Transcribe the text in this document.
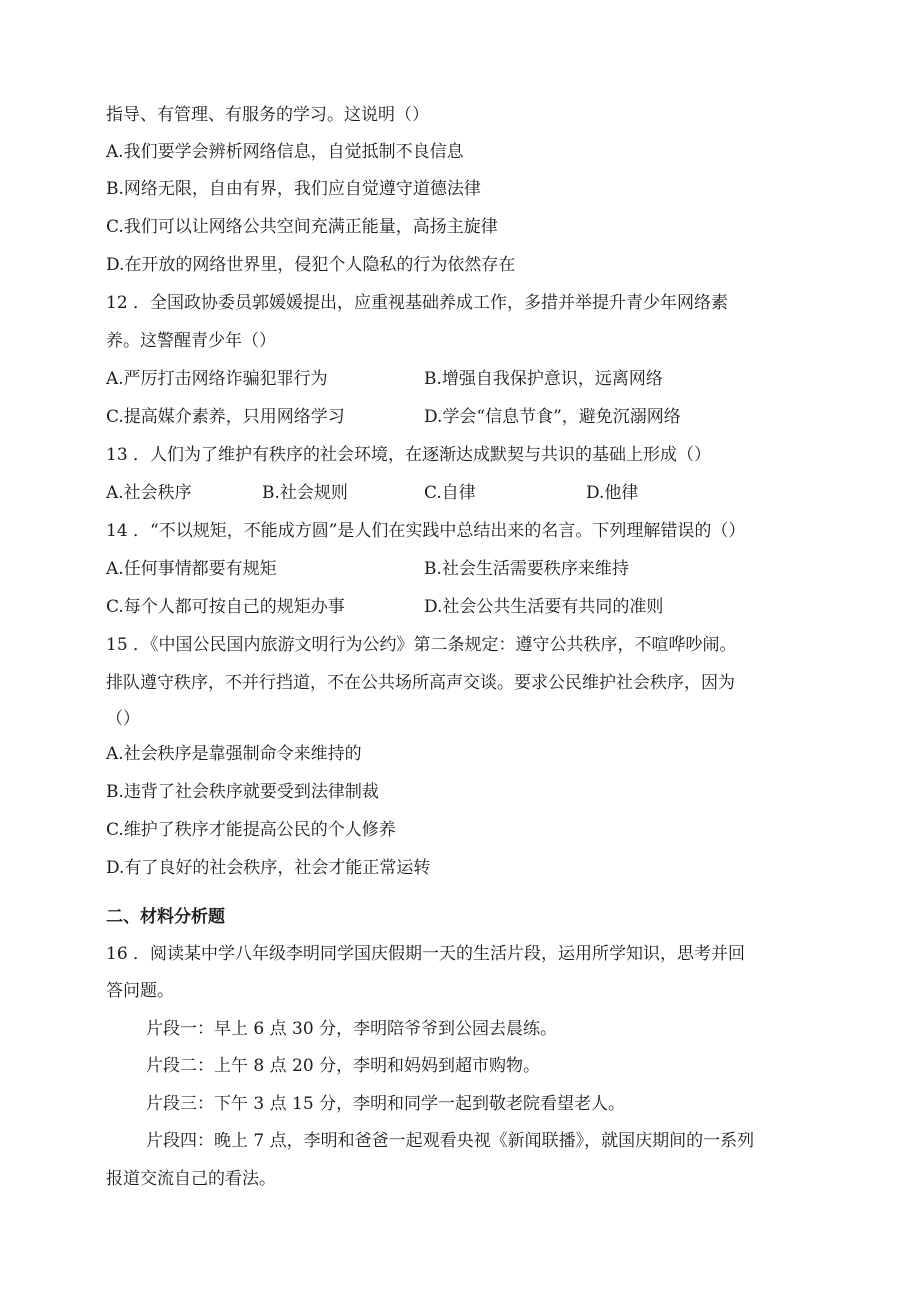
指导、有管理、有服务的学习。这说明（）
A.我们要学会辨析网络信息，自觉抵制不良信息
B.网络无限，自由有界，我们应自觉遵守道德法律
C.我们可以让网络公共空间充满正能量，高扬主旋律
D.在开放的网络世界里，侵犯个人隐私的行为依然存在
12 ．全国政协委员郭媛媛提出，应重视基础养成工作，多措并举提升青少年网络素
养。这警醒青少年（）
A.严厉打击网络诈骗犯罪行为	B.增强自我保护意识，远离网络
C.提高媒介素养，只用网络学习	D.学会“信息节食”，避免沉溺网络
13 ．人们为了维护有秩序的社会环境，在逐渐达成默契与共识的基础上形成（）
A.社会秩序	B.社会规则	C.自律	D.他律
14 ．“不以规矩，不能成方圆”是人们在实践中总结出来的名言。下列理解错误的（）
A.任何事情都要有规矩	B.社会生活需要秩序来维持
C.每个人都可按自己的规矩办事	D.社会公共生活要有共同的准则
15 ．《中国公民国内旅游文明行为公约》第二条规定：遵守公共秩序，不喧哗吵闹。
排队遵守秩序，不并行挡道，不在公共场所高声交谈。要求公民维护社会秩序，因为
（）
A.社会秩序是靠强制命令来维持的
B.违背了社会秩序就要受到法律制裁
C.维护了秩序才能提高公民的个人修养
D.有了良好的社会秩序，社会才能正常运转
二、材料分析题
16 ．阅读某中学八年级李明同学国庆假期一天的生活片段，运用所学知识，思考并回
答问题。
片段一：早上 6 点 30 分，李明陪爷爷到公园去晨练。
片段二：上午 8 点 20 分，李明和妈妈到超市购物。
片段三：下午 3 点 15 分，李明和同学一起到敬老院看望老人。
片段四：晚上 7 点，李明和爸爸一起观看央视《新闻联播》，就国庆期间的一系列
报道交流自己的看法。
